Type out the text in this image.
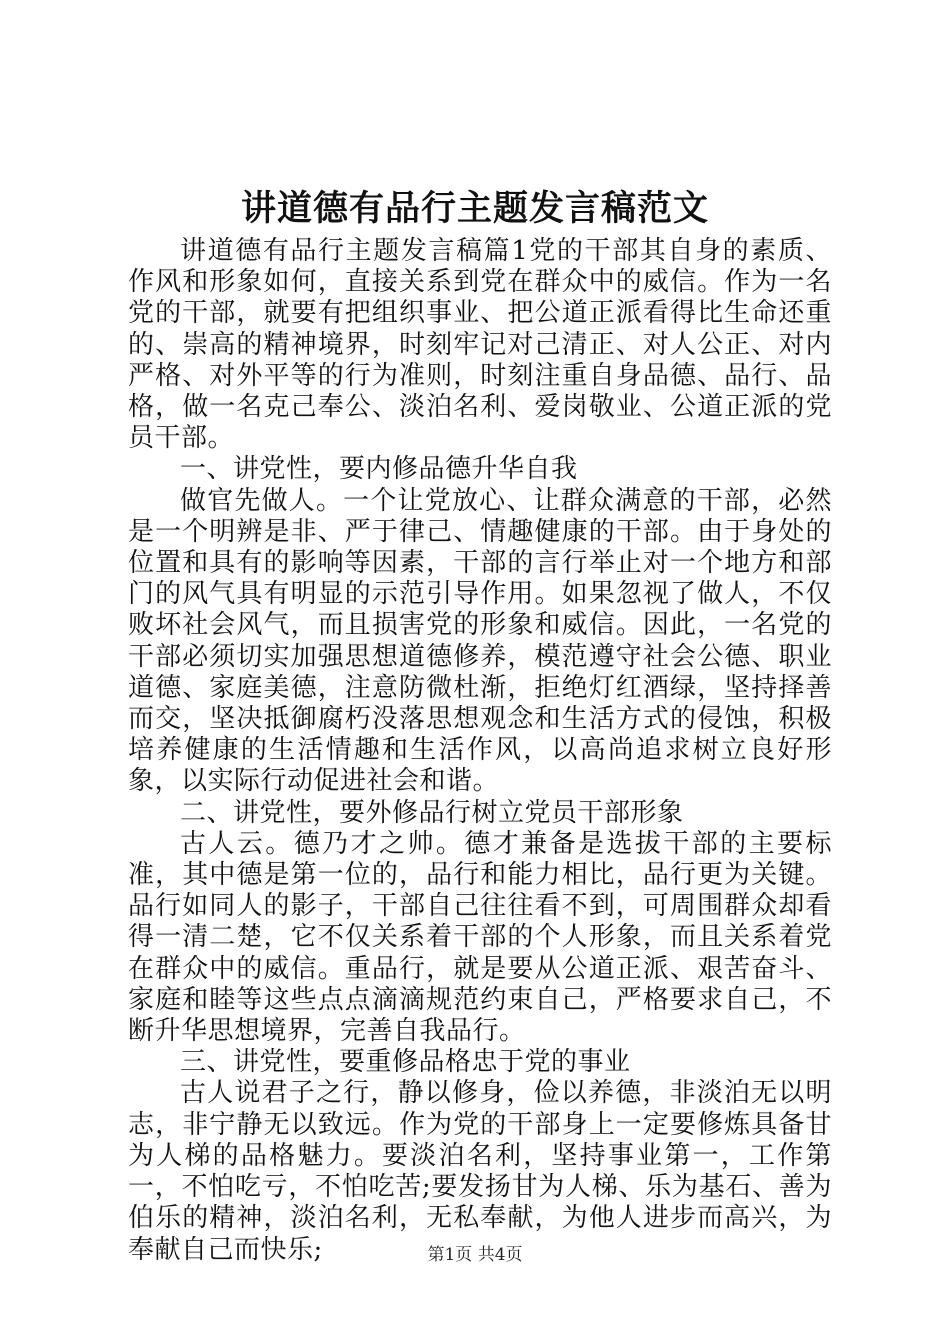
讲道德有品行主题发言稿范文

讲道德有品行主题发言稿篇1党的干部其自身的素质、作风和形象如何，直接关系到党在群众中的威信。作为一名党的干部，就要有把组织事业、把公道正派看得比生命还重的、崇高的精神境界，时刻牢记对己清正、对人公正、对内严格、对外平等的行为准则，时刻注重自身品德、品行、品格，做一名克己奉公、淡泊名利、爱岗敬业、公道正派的党员干部。

一、讲党性，要内修品德升华自我

做官先做人。一个让党放心、让群众满意的干部，必然是一个明辨是非、严于律己、情趣健康的干部。由于身处的位置和具有的影响等因素，干部的言行举止对一个地方和部门的风气具有明显的示范引导作用。如果忽视了做人，不仅败坏社会风气，而且损害党的形象和威信。因此，一名党的干部必须切实加强思想道德修养，模范遵守社会公德、职业道德、家庭美德，注意防微杜渐，拒绝灯红酒绿，坚持择善而交，坚决抵御腐朽没落思想观念和生活方式的侵蚀，积极培养健康的生活情趣和生活作风，以高尚追求树立良好形象，以实际行动促进社会和谐。

二、讲党性，要外修品行树立党员干部形象

古人云。德乃才之帅。德才兼备是选拔干部的主要标准，其中德是第一位的，品行和能力相比，品行更为关键。品行如同人的影子，干部自己往往看不到，可周围群众却看得一清二楚，它不仅关系着干部的个人形象，而且关系着党在群众中的威信。重品行，就是要从公道正派、艰苦奋斗、家庭和睦等这些点点滴滴规范约束自己，严格要求自己，不断升华思想境界，完善自我品行。

三、讲党性，要重修品格忠于党的事业

古人说君子之行，静以修身，俭以养德，非淡泊无以明志，非宁静无以致远。作为党的干部身上一定要修炼具备甘为人梯的品格魅力。要淡泊名利，坚持事业第一，工作第一，不怕吃亏，不怕吃苦;要发扬甘为人梯、乐为基石、善为伯乐的精神，淡泊名利，无私奉献，为他人进步而高兴，为奉献自己而快乐;	第1页 共4页
